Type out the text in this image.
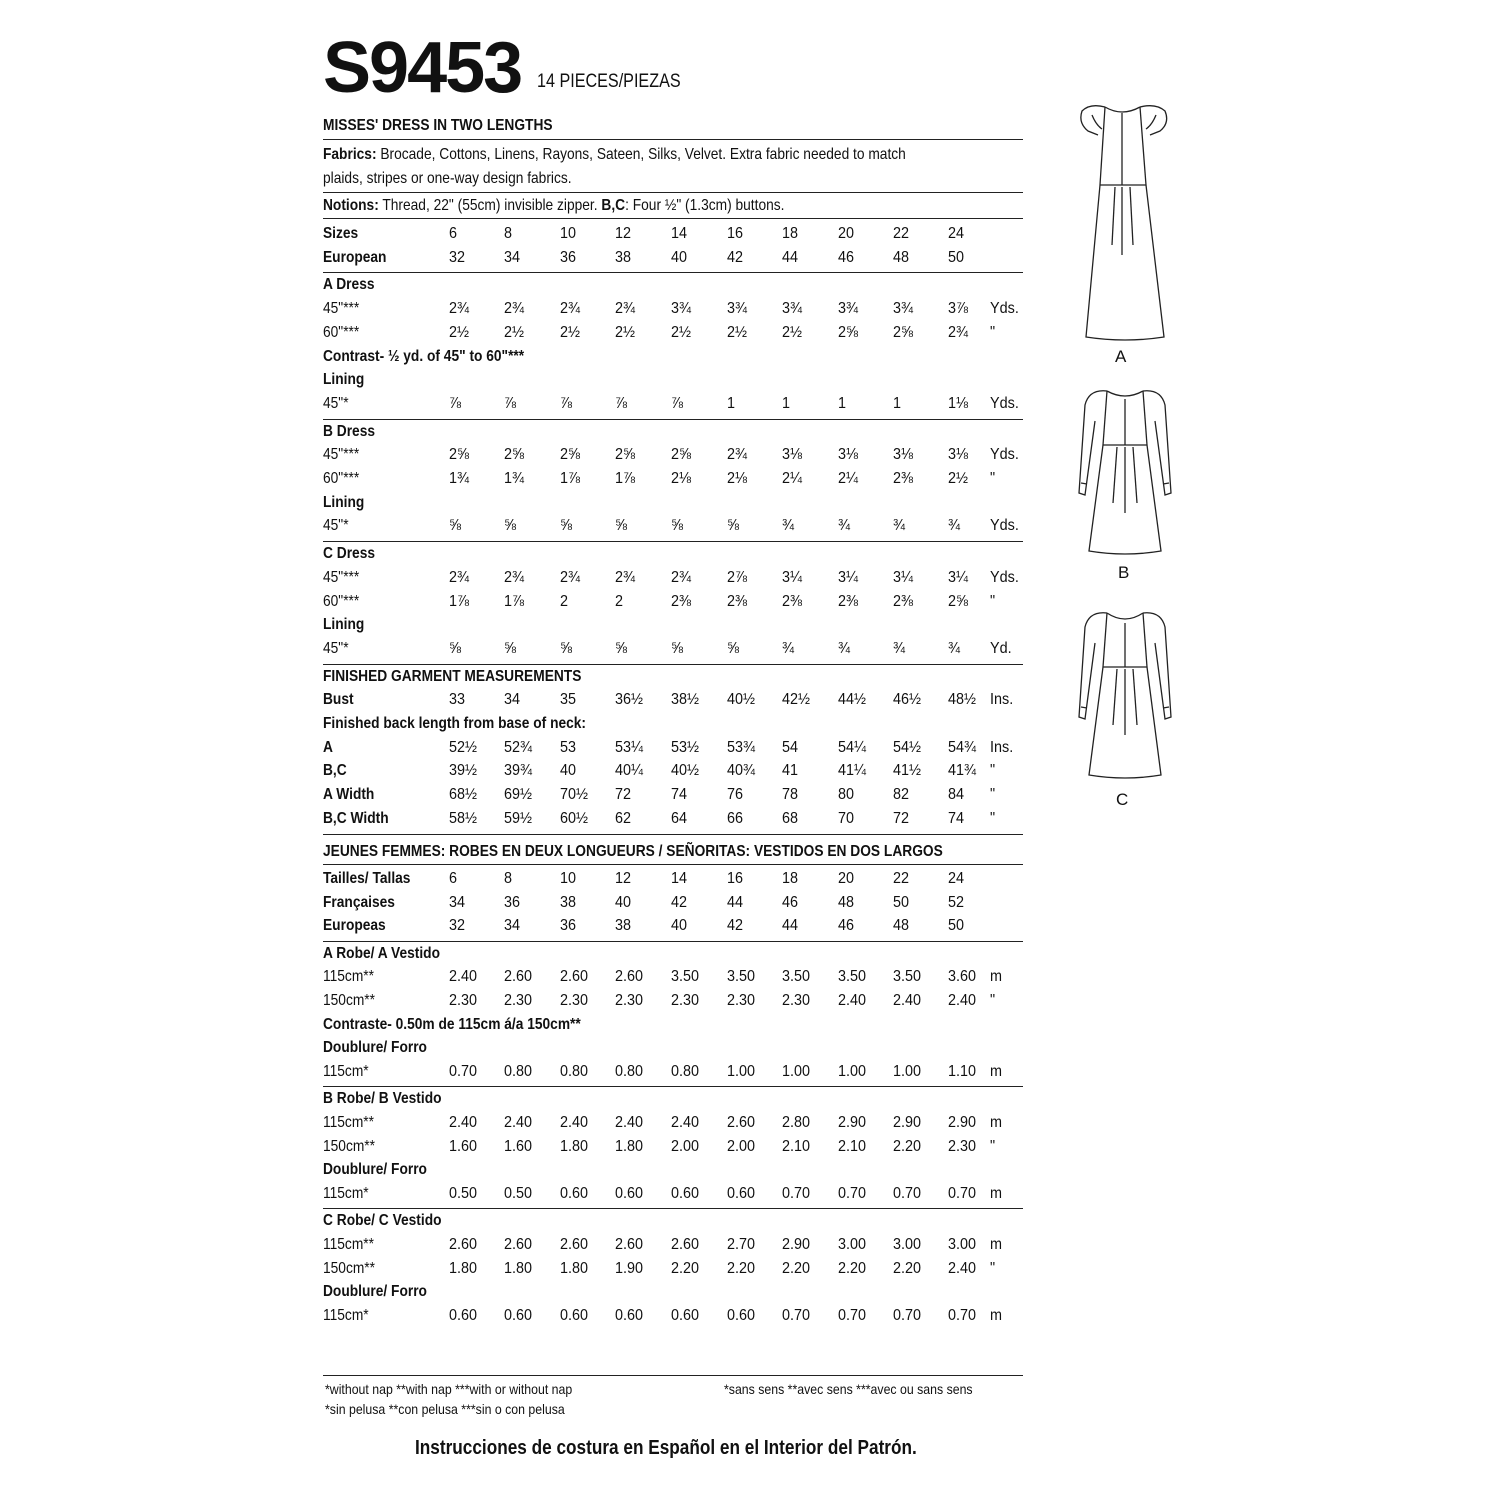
S9453 14 PIECES/PIEZAS
MISSES' DRESS IN TWO LENGTHS
Fabrics: Brocade, Cottons, Linens, Rayons, Sateen, Silks, Velvet. Extra fabric needed to match
plaids, stripes or one-way design fabrics.
Notions: Thread, 22" (55cm) invisible zipper. B,C: Four ½" (1.3cm) buttons.
Sizes	6	8	10 12 14 16 18 20 22 24
European	32 34 36 38 40 42 44 46 48 50
A Dress
45"***	2¾ 2¾ 2¾ 2¾ 3¾ 3¾ 3¾ 3¾ 3¾ 3⅞ Yds.
60"***	2½ 2½ 2½ 2½ 2½ 2½ 2½ 2⅝ 2⅝ 2¾ "
Contrast- ½ yd. of 45" to 60"***
Lining
45"*	⅞	⅞	⅞	⅞	⅞	1	1	1	1	1⅛ Yds.
B Dress
45"***	2⅝ 2⅝ 2⅝ 2⅝ 2⅝ 2¾ 3⅛ 3⅛ 3⅛ 3⅛ Yds.
60"***	1¾ 1¾ 1⅞ 1⅞ 2⅛ 2⅛ 2¼ 2¼ 2⅜ 2½ "
Lining
45"*	⅝	⅝	⅝	⅝	⅝	⅝	¾	¾	¾	¾ Yds.
C Dress
45"***	2¾ 2¾ 2¾ 2¾ 2¾ 2⅞ 3¼ 3¼ 3¼ 3¼ Yds.
60"***	1⅞ 1⅞ 2	2	2⅜ 2⅜ 2⅜ 2⅜ 2⅜ 2⅝ "
Lining
45"*	⅝	⅝	⅝	⅝	⅝	⅝	¾	¾	¾	¾ Yd.
FINISHED GARMENT MEASUREMENTS
Bust	33 34 35 36½ 38½ 40½ 42½ 44½ 46½ 48½ Ins.
Finished back length from base of neck:
A	52½ 52¾ 53 53¼ 53½ 53¾ 54 54¼ 54½ 54¾ Ins.
B,C	39½ 39¾ 40 40¼ 40½ 40¾ 41 41¼ 41½ 41¾ "
A Width	68½ 69½ 70½ 72 74 76 78 80 82 84 "
B,C Width	58½ 59½ 60½ 62 64 66 68 70 72 74 "
JEUNES FEMMES: ROBES EN DEUX LONGUEURS / SEÑORITAS: VESTIDOS EN DOS LARGOS
Tailles/ Tallas 6	8	10 12 14 16 18 20 22 24
Françaises	34 36 38 40 42 44 46 48 50 52
Europeas	32 34 36 38 40 42 44 46 48 50
A Robe/ A Vestido
115cm**	2.40 2.60 2.60 2.60 3.50 3.50 3.50 3.50 3.50 3.60 m
150cm**	2.30 2.30 2.30 2.30 2.30 2.30 2.30 2.40 2.40 2.40 "
Contraste- 0.50m de 115cm á/a 150cm**
Doublure/ Forro
115cm*	0.70 0.80 0.80 0.80 0.80 1.00 1.00 1.00 1.00 1.10 m
B Robe/ B Vestido
115cm**	2.40 2.40 2.40 2.40 2.40 2.60 2.80 2.90 2.90 2.90 m
150cm**	1.60 1.60 1.80 1.80 2.00 2.00 2.10 2.10 2.20 2.30 "
Doublure/ Forro
115cm*	0.50 0.50 0.60 0.60 0.60 0.60 0.70 0.70 0.70 0.70 m
C Robe/ C Vestido
115cm**	2.60 2.60 2.60 2.60 2.60 2.70 2.90 3.00 3.00 3.00 m
150cm**	1.80 1.80 1.80 1.90 2.20 2.20 2.20 2.20 2.20 2.40 "
Doublure/ Forro
115cm*	0.60 0.60 0.60 0.60 0.60 0.60 0.70 0.70 0.70 0.70 m
*without nap **with nap ***with or without nap
*sin pelusa **con pelusa ***sin o con pelusa
*sans sens **avec sens ***avec ou sans sens
Instrucciones de costura en Español en el Interior del Patrón.
A
B
C
